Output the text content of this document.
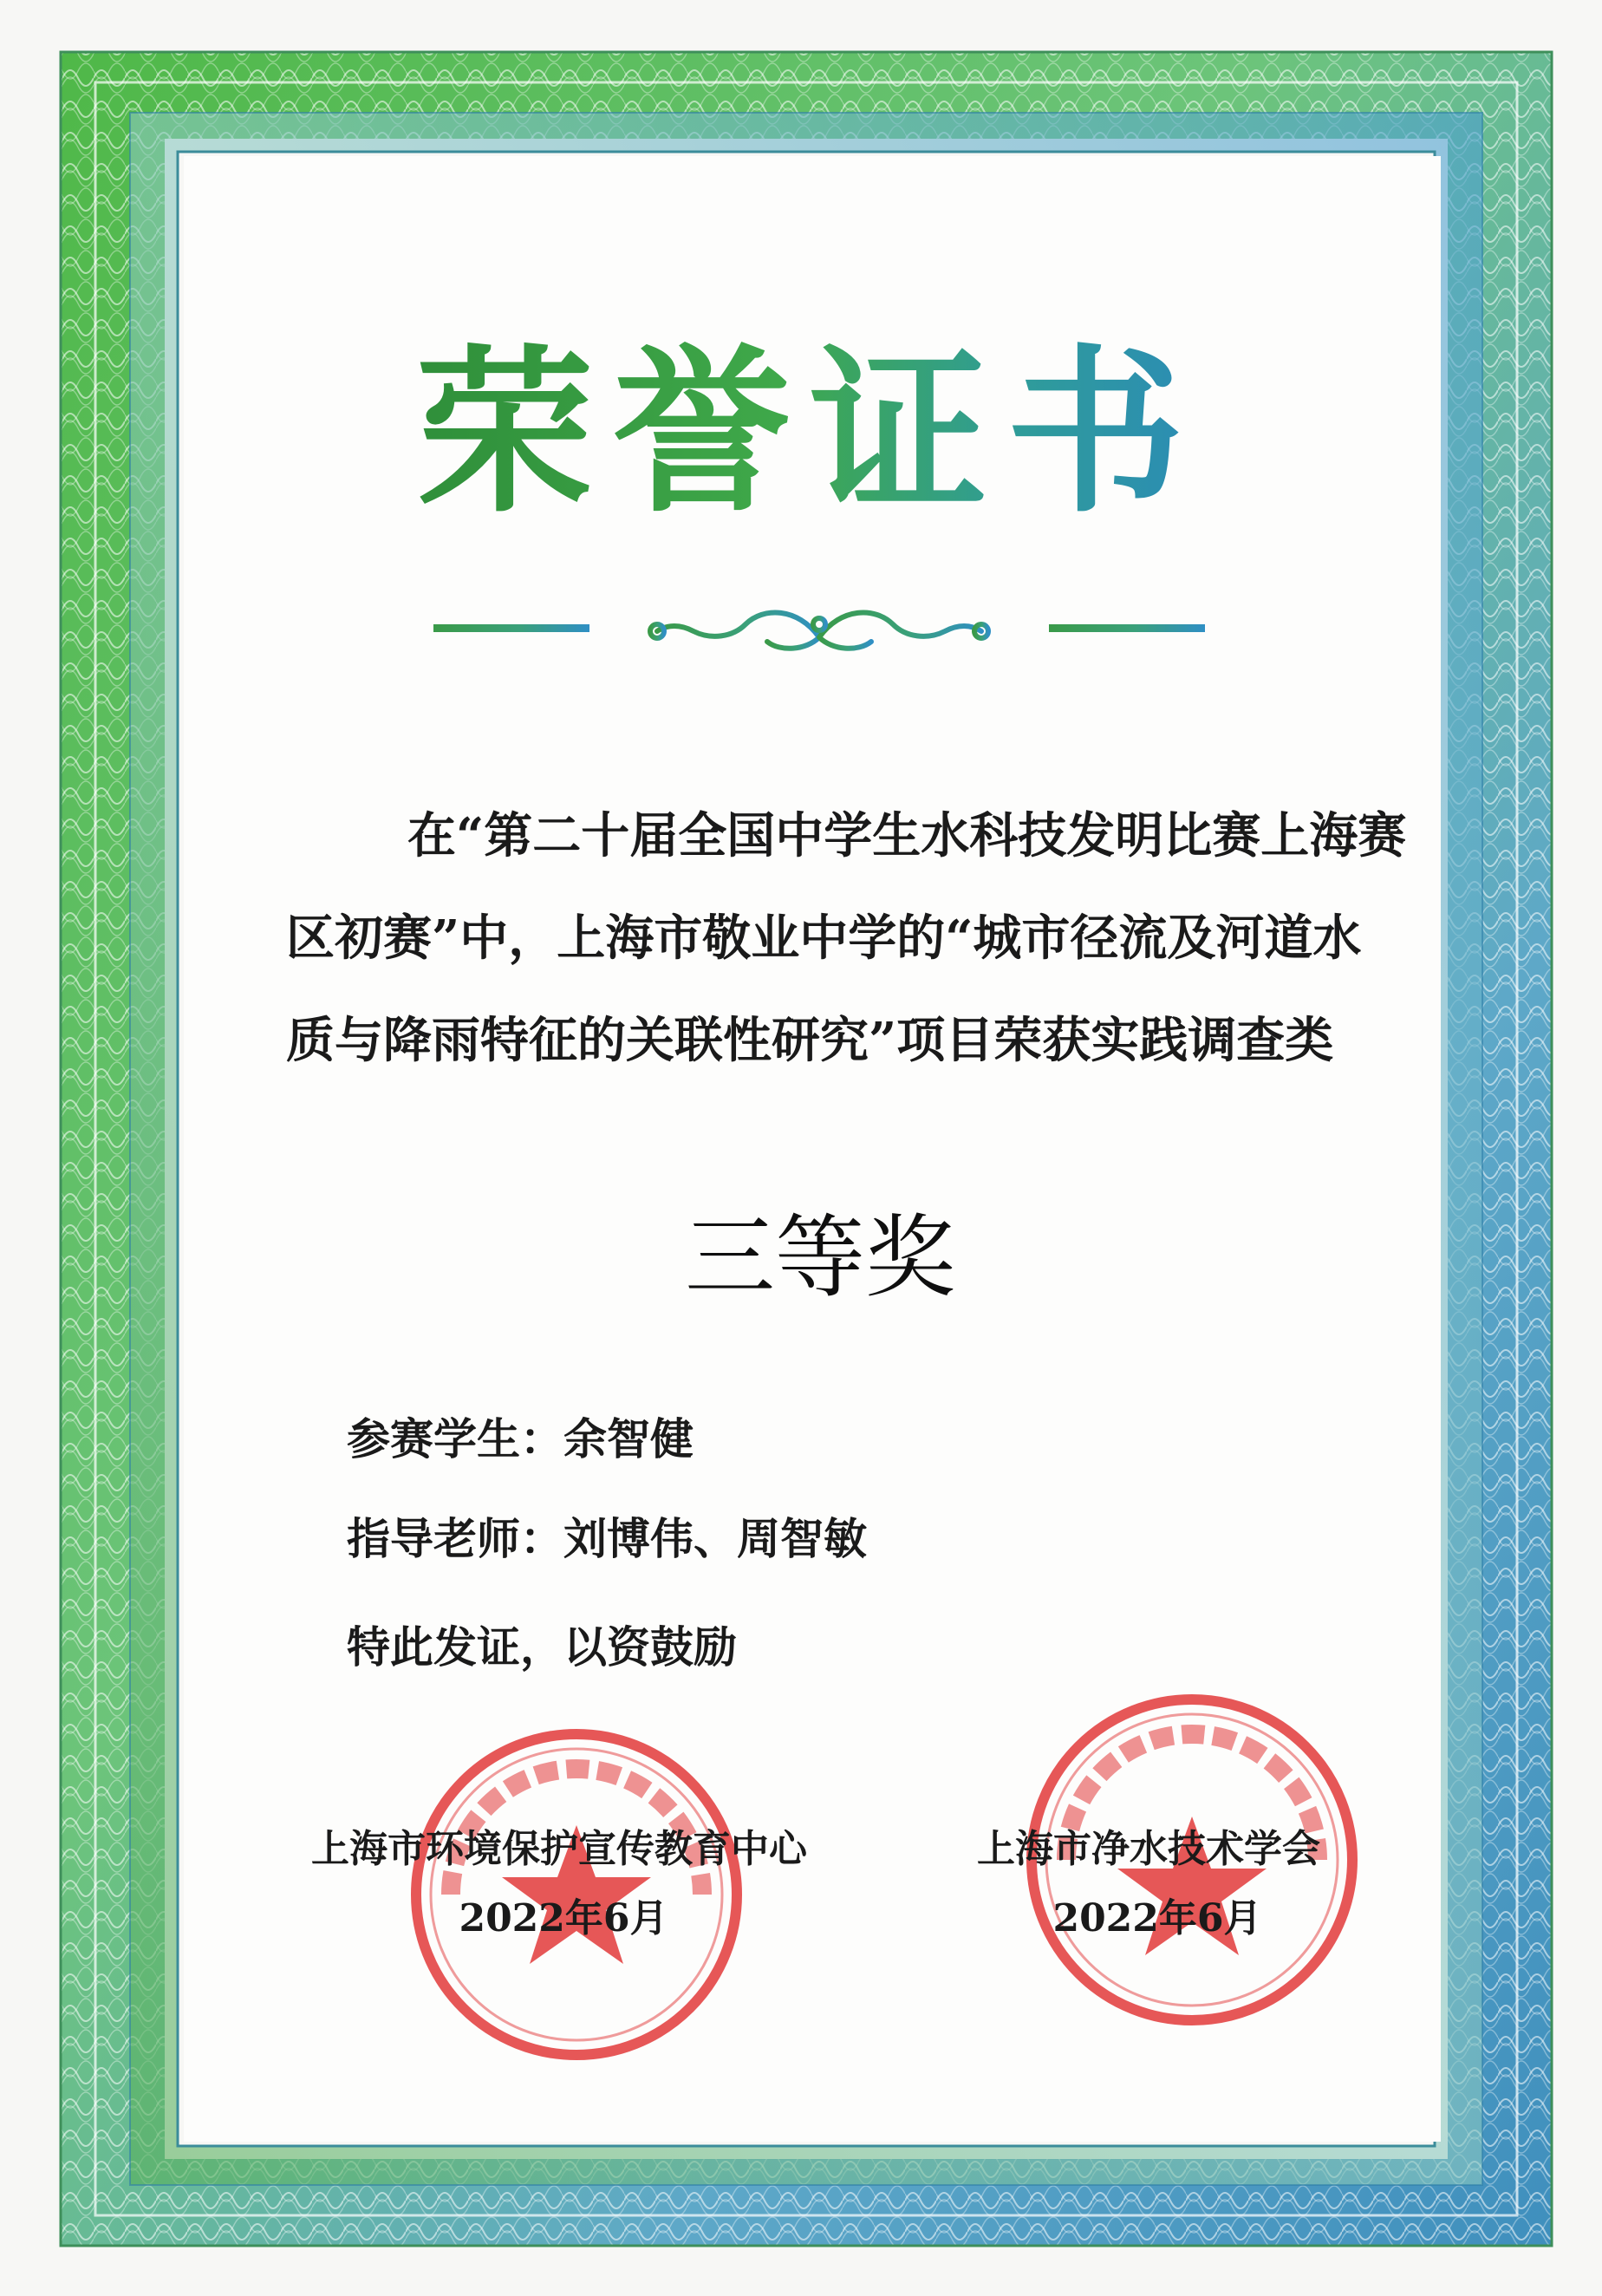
荣誉证书
在“第二十届全国中学生水科技发明比赛上海赛
区初赛”中，上海市敬业中学的“城市径流及河道水
质与降雨特征的关联性研究”项目荣获实践调查类
三等奖
参赛学生：余智健
指导老师：刘博伟、周智敏
特此发证，以资鼓励
上海市环境保护宣传教育中心
2022年6月
上海市净水技术学会
2022年6月
